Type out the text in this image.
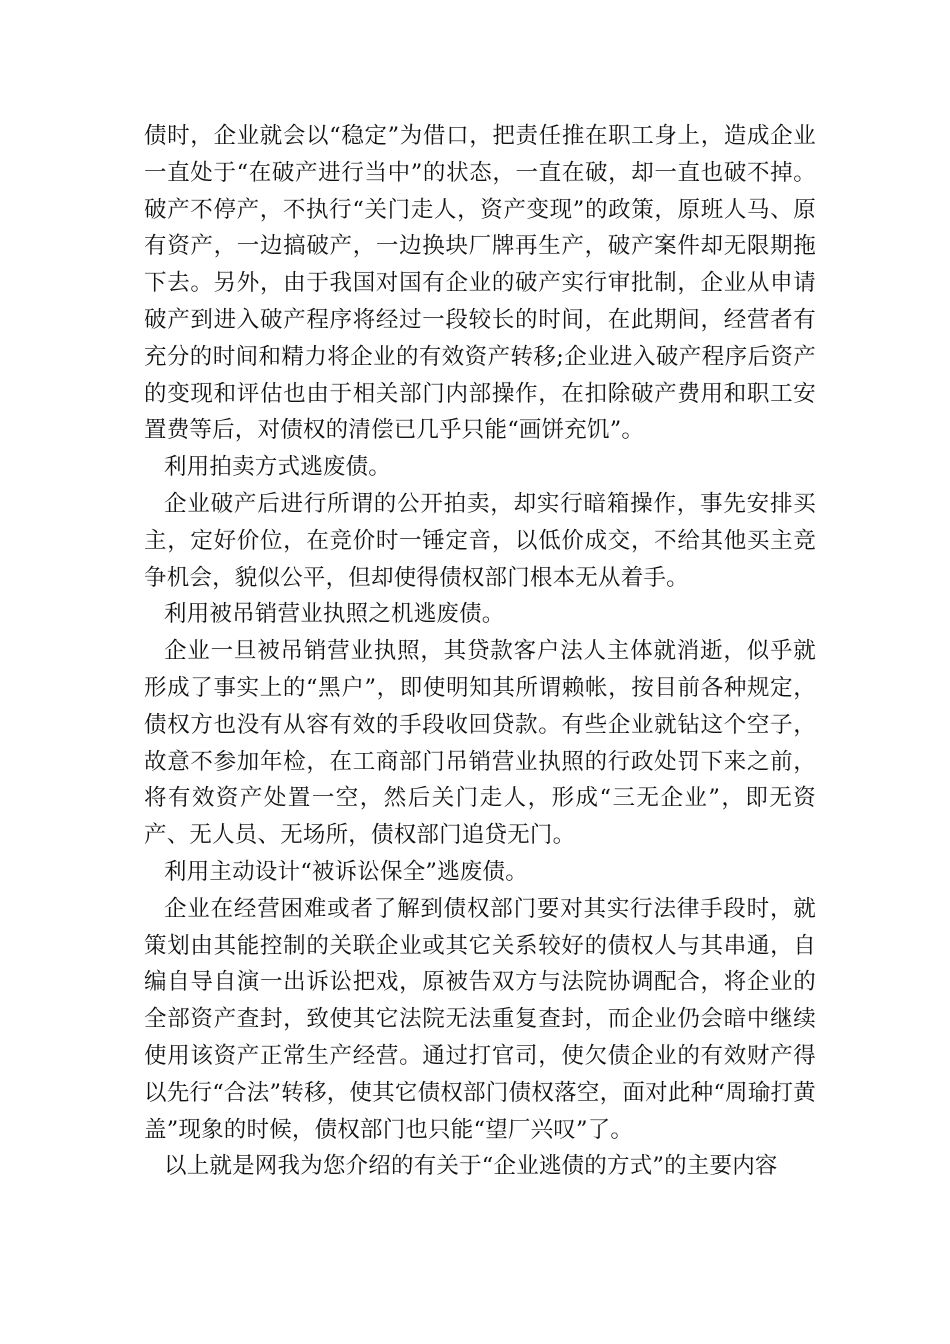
债时，企业就会以“稳定”为借口，把责任推在职工身上，造成企业一直处于“在破产进行当中”的状态，一直在破，却一直也破不掉。破产不停产，不执行“关门走人，资产变现”的政策，原班人马、原有资产，一边搞破产，一边换块厂牌再生产，破产案件却无限期拖下去。另外，由于我国对国有企业的破产实行审批制，企业从申请破产到进入破产程序将经过一段较长的时间，在此期间，经营者有充分的时间和精力将企业的有效资产转移;企业进入破产程序后资产的变现和评估也由于相关部门内部操作，在扣除破产费用和职工安置费等后，对债权的清偿已几乎只能“画饼充饥”。

利用拍卖方式逃废债。

企业破产后进行所谓的公开拍卖，却实行暗箱操作，事先安排买主，定好价位，在竞价时一锤定音，以低价成交，不给其他买主竞争机会，貌似公平，但却使得债权部门根本无从着手。

利用被吊销营业执照之机逃废债。

企业一旦被吊销营业执照，其贷款客户法人主体就消逝，似乎就形成了事实上的“黑户”，即使明知其所谓赖帐，按目前各种规定，债权方也没有从容有效的手段收回贷款。有些企业就钻这个空子，故意不参加年检，在工商部门吊销营业执照的行政处罚下来之前，将有效资产处置一空，然后关门走人，形成“三无企业”，即无资产、无人员、无场所，债权部门追贷无门。

利用主动设计“被诉讼保全”逃废债。

企业在经营困难或者了解到债权部门要对其实行法律手段时，就策划由其能控制的关联企业或其它关系较好的债权人与其串通，自编自导自演一出诉讼把戏，原被告双方与法院协调配合，将企业的全部资产查封，致使其它法院无法重复查封，而企业仍会暗中继续使用该资产正常生产经营。通过打官司，使欠债企业的有效财产得以先行“合法”转移，使其它债权部门债权落空，面对此种“周瑜打黄盖”现象的时候，债权部门也只能“望厂兴叹”了。

以上就是网我为您介绍的有关于“企业逃债的方式”的主要内容
